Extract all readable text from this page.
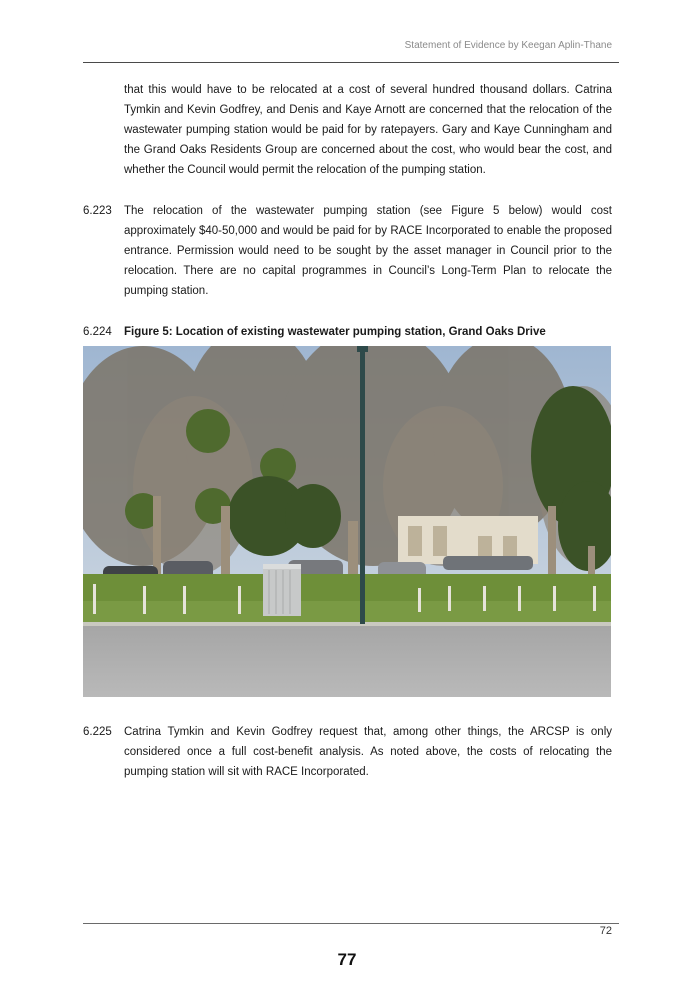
Statement of Evidence by Keegan Aplin-Thane

that this would have to be relocated at a cost of several hundred thousand dollars. Catrina Tymkin and Kevin Godfrey, and Denis and Kaye Arnott are concerned that the relocation of the wastewater pumping station would be paid for by ratepayers. Gary and Kaye Cunningham and the Grand Oaks Residents Group are concerned about the cost, who would bear the cost, and whether the Council would permit the relocation of the pumping station.

6.223 The relocation of the wastewater pumping station (see Figure 5 below) would cost approximately $40-50,000 and would be paid for by RACE Incorporated to enable the proposed entrance. Permission would need to be sought by the asset manager in Council prior to the relocation. There are no capital programmes in Council’s Long-Term Plan to relocate the pumping station.

6.224 Figure 5: Location of existing wastewater pumping station, Grand Oaks Drive
6.225 Catrina Tymkin and Kevin Godfrey request that, among other things, the ARCSP is only considered once a full cost-benefit analysis. As noted above, the costs of relocating the pumping station will sit with RACE Incorporated.

72
77
